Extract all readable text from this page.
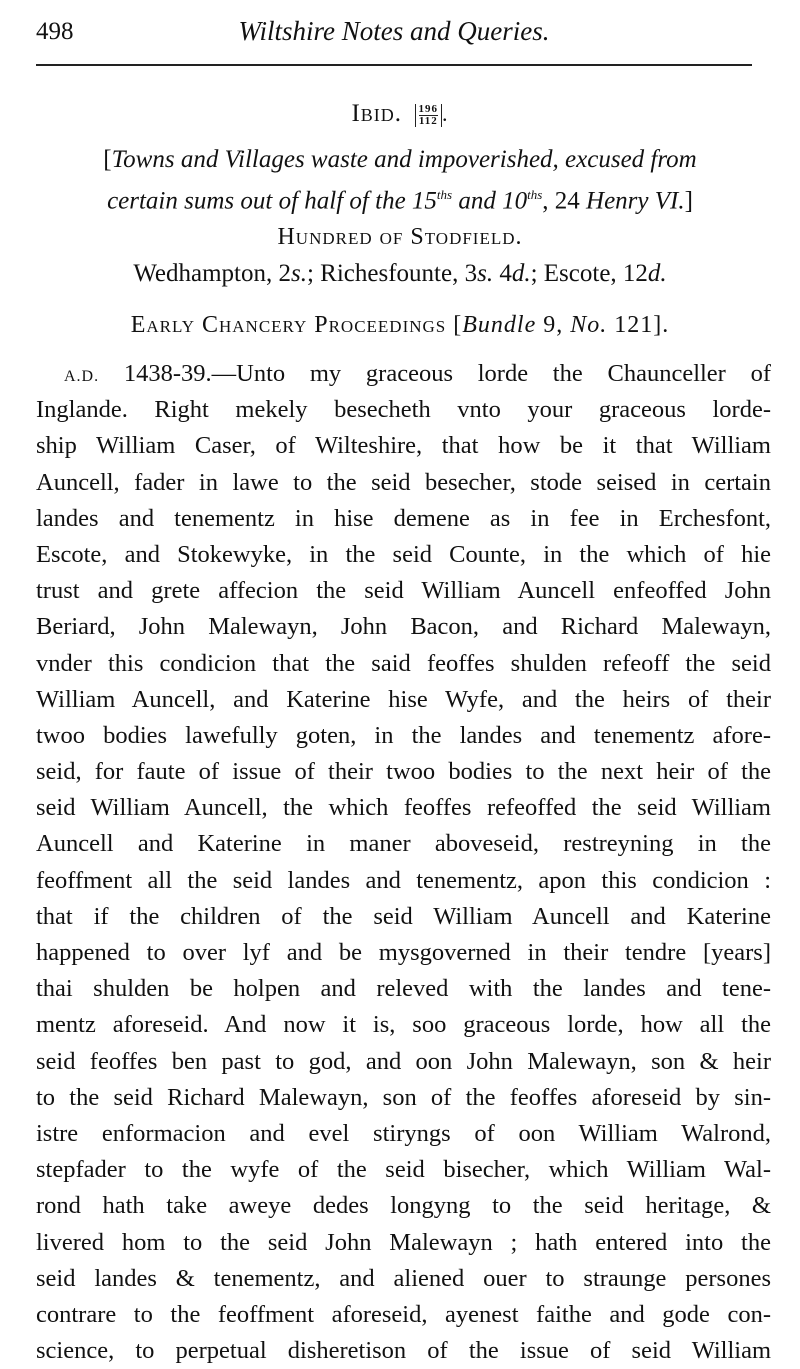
498	Wiltshire Notes and Queries.
Ibid. $\frac{196}{112}$ .
[Towns and Villages waste and impoverished, excused from
certain sums out of half of the $15^{ths}$ and $10^{ths}$, 24 Henry VI.]
Hundred of Stodfield.
Wedhampton, 2s.; Richesfounte, 3s. 4d.; Escote, 12d.
Early Chancery Proceedings [Bundle 9, No. 121].
A.D. 1438-39.—Unto my graceous lorde the Chaunceller of
Inglande. Right mekely besecheth vnto your graceous lorde-
ship William Caser, of Wilteshire, that how be it that William
Auncell, fader in lawe to the seid besecher, stode seised in certain
landes and tenementz in hise demene as in fee in Erchesfont,
Escote, and Stokewyke, in the seid Counte, in the which of hie
trust and grete affecion the seid William Auncell enfeoffed John
Beriard, John Malewayn, John Bacon, and Richard Malewayn,
vnder this condicion that the said feoffes shulden refeoff the seid
William Auncell, and Katerine hise Wyfe, and the heirs of their
twoo bodies lawefully goten, in the landes and tenementz afore-
seid, for faute of issue of their twoo bodies to the next heir of the
seid William Auncell, the which feoffes refeoffed the seid William
Auncell and Katerine in maner aboveseid, restreyning in the
feoffment all the seid landes and tenementz, apon this condicion :
that if the children of the seid William Auncell and Katerine
happened to over lyf and be mysgoverned in their tendre [years]
thai shulden be holpen and releved with the landes and tene-
mentz aforeseid. And now it is, soo graceous lorde, how all the
seid feoffes ben past to god, and oon John Malewayn, son & heir
to the seid Richard Malewayn, son of the feoffes aforeseid by sin-
istre enformacion and evel stiryngs of oon William Walrond,
stepfader to the wyfe of the seid bisecher, which William Wal-
rond hath take aweye dedes longyng to the seid heritage, &
livered hom to the seid John Malewayn ; hath entered into the
seid landes & tenementz, and aliened ouer to straunge persones
contrare to the feoffment aforeseid, ayenest faithe and gode con-
science, to perpetual disheretison of the issue of seid William
